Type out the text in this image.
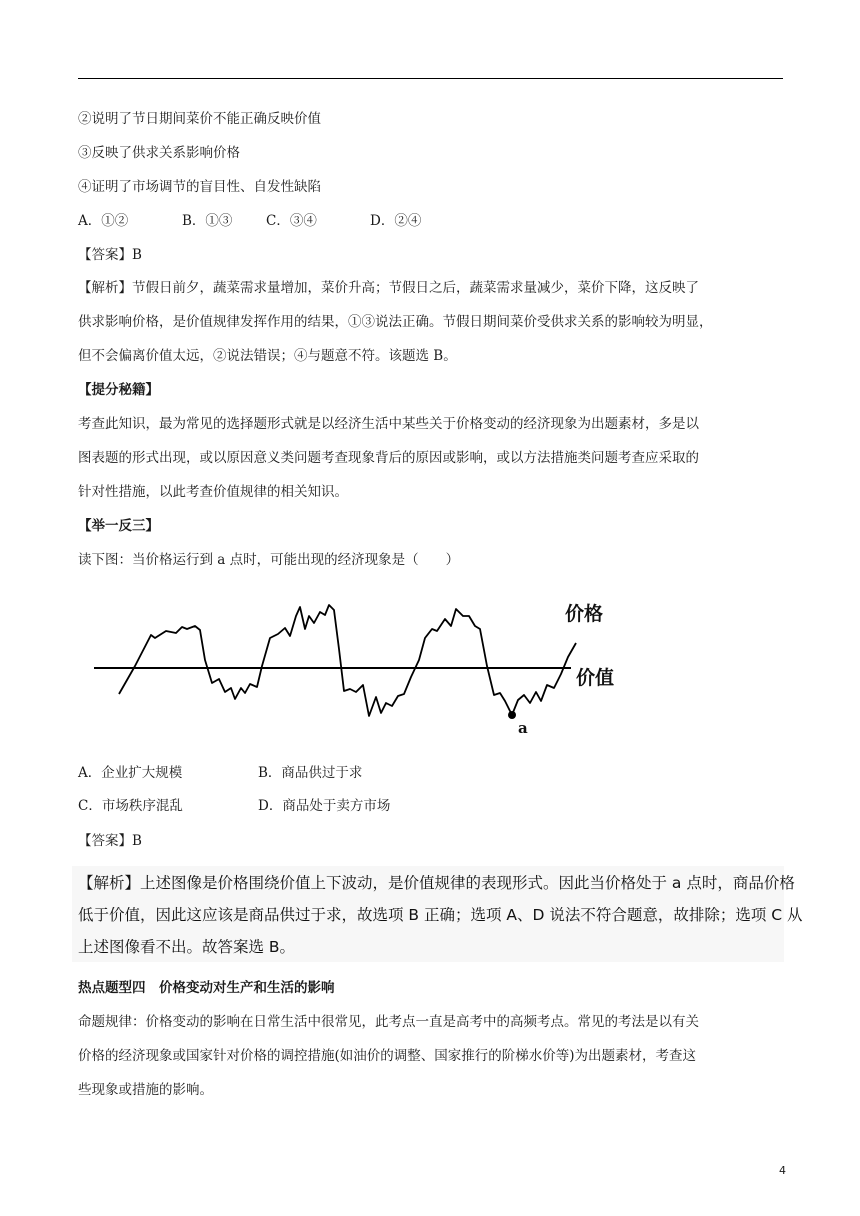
②说明了节日期间菜价不能正确反映价值
③反映了供求关系影响价格
④证明了市场调节的盲目性、自发性缺陷
A．①②	B．①③ C．③④	D．②④
【答案】B
【解析】节假日前夕，蔬菜需求量增加，菜价升高；节假日之后，蔬菜需求量减少，菜价下降，这反映了
供求影响价格，是价值规律发挥作用的结果，①③说法正确。节假日期间菜价受供求关系的影响较为明显，
但不会偏离价值太远，②说法错误；④与题意不符。该题选 B。
【提分秘籍】
考查此知识，最为常见的选择题形式就是以经济生活中某些关于价格变动的经济现象为出题素材，多是以
图表题的形式出现，或以原因意义类问题考查现象背后的原因或影响，或以方法措施类问题考查应采取的
针对性措施，以此考查价值规律的相关知识。
【举一反三】
读下图：当价格运行到 a 点时，可能出现的经济现象是（　　）
价格
价值
a
A．企业扩大规模	B．商品供过于求
C．市场秩序混乱	D．商品处于卖方市场
【答案】B
【解析】上述图像是价格围绕价值上下波动，是价值规律的表现形式。因此当价格处于 a 点时，商品价格
低于价值，因此这应该是商品供过于求，故选项 B 正确；选项 A、D 说法不符合题意，故排除；选项 C 从
上述图像看不出。故答案选 B。
热点题型四　价格变动对生产和生活的影响
命题规律：价格变动的影响在日常生活中很常见，此考点一直是高考中的高频考点。常见的考法是以有关
价格的经济现象或国家针对价格的调控措施(如油价的调整、国家推行的阶梯水价等)为出题素材，考查这
些现象或措施的影响。
4
